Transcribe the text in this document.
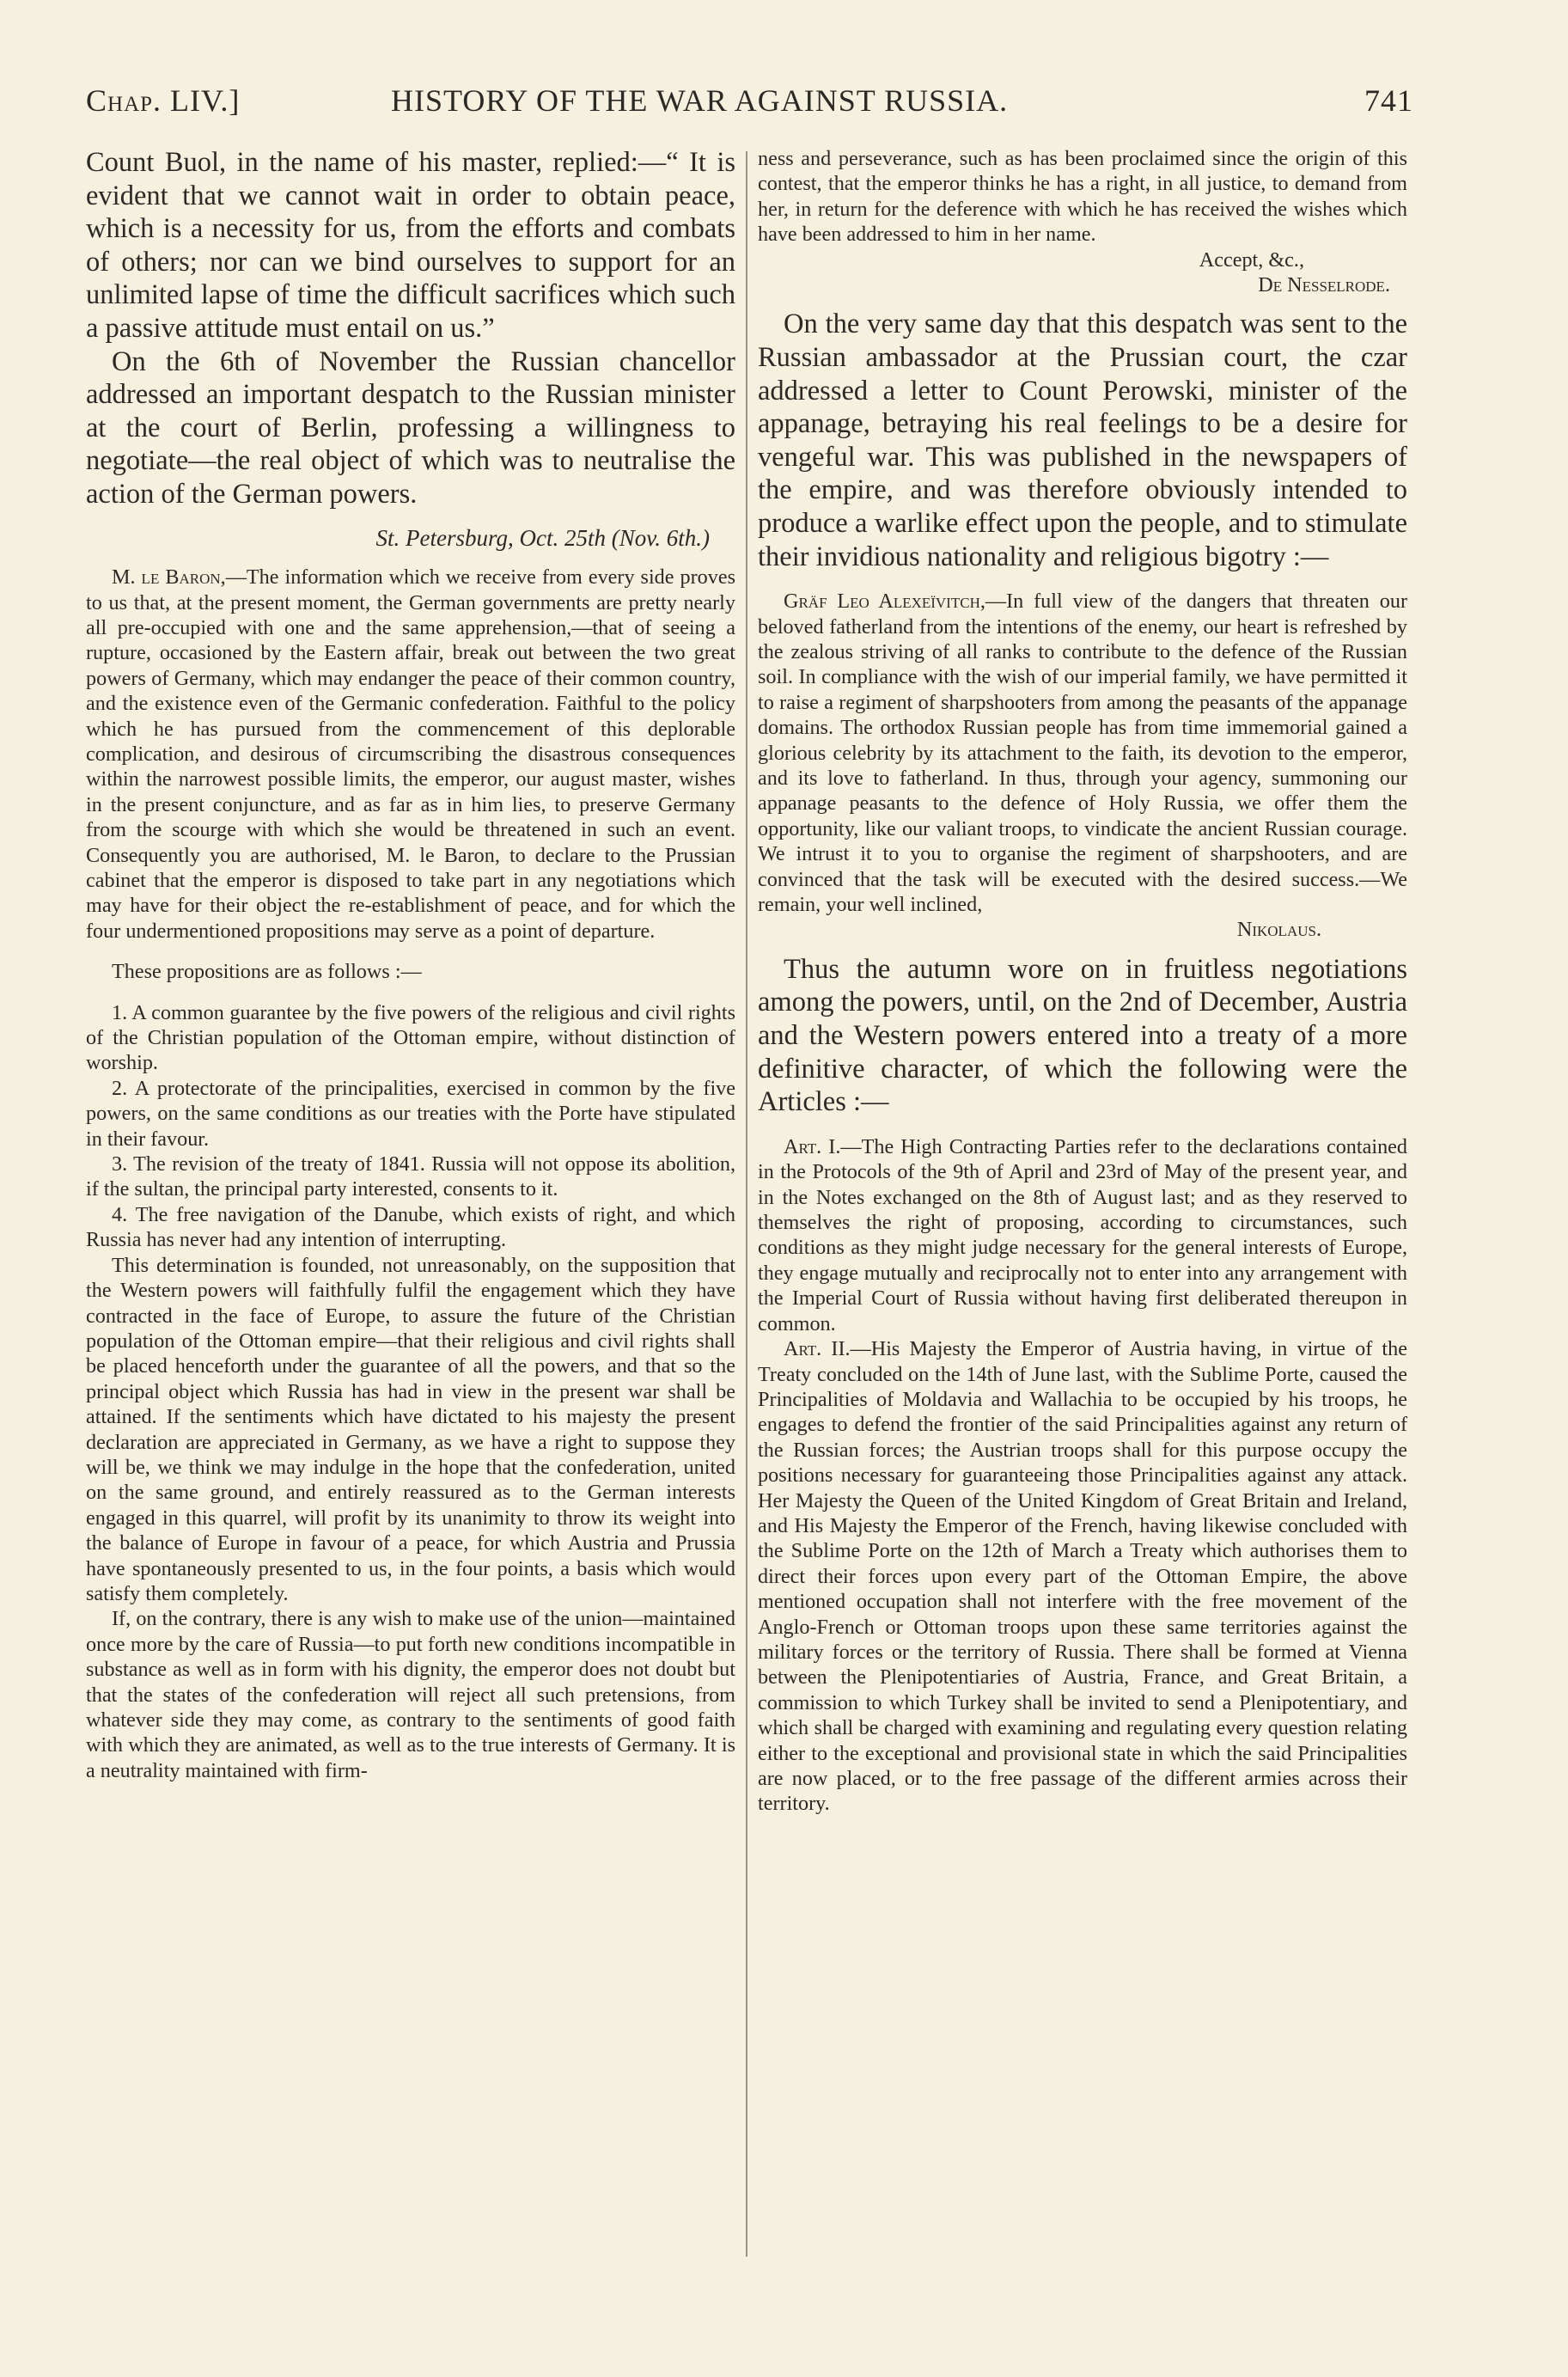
Chap. LIV.]	HISTORY OF THE WAR AGAINST RUSSIA.	741

Count Buol, in the name of his master, replied:—“ It is evident that we cannot wait in order to obtain peace, which is a necessity for us, from the efforts and combats of others; nor can we bind ourselves to support for an unlimited lapse of time the difficult sacrifices which such a passive attitude must entail on us.”

On the 6th of November the Russian chancellor addressed an important despatch to the Russian minister at the court of Berlin, professing a willingness to negotiate—the real object of which was to neutralise the action of the German powers.

St. Petersburg, Oct. 25th (Nov. 6th.)

M. le Baron,—The information which we receive from every side proves to us that, at the present moment, the German governments are pretty nearly all pre-occupied with one and the same apprehension,—that of seeing a rupture, occasioned by the Eastern affair, break out between the two great powers of Germany, which may endanger the peace of their common country, and the existence even of the Germanic confederation. Faithful to the policy which he has pursued from the commencement of this deplorable complication, and desirous of circumscribing the disastrous consequences within the narrowest possible limits, the emperor, our august master, wishes in the present conjuncture, and as far as in him lies, to preserve Germany from the scourge with which she would be threatened in such an event. Consequently you are authorised, M. le Baron, to declare to the Prussian cabinet that the emperor is disposed to take part in any negotiations which may have for their object the re-establishment of peace, and for which the four undermentioned propositions may serve as a point of departure.

These propositions are as follows :—

1. A common guarantee by the five powers of the religious and civil rights of the Christian population of the Ottoman empire, without distinction of worship.

2. A protectorate of the principalities, exercised in common by the five powers, on the same conditions as our treaties with the Porte have stipulated in their favour.

3. The revision of the treaty of 1841. Russia will not oppose its abolition, if the sultan, the principal party interested, consents to it.

4. The free navigation of the Danube, which exists of right, and which Russia has never had any intention of interrupting.

This determination is founded, not unreasonably, on the supposition that the Western powers will faithfully fulfil the engagement which they have contracted in the face of Europe, to assure the future of the Christian population of the Ottoman empire—that their religious and civil rights shall be placed henceforth under the guarantee of all the powers, and that so the principal object which Russia has had in view in the present war shall be attained. If the sentiments which have dictated to his majesty the present declaration are appreciated in Germany, as we have a right to suppose they will be, we think we may indulge in the hope that the confederation, united on the same ground, and entirely reassured as to the German interests engaged in this quarrel, will profit by its unanimity to throw its weight into the balance of Europe in favour of a peace, for which Austria and Prussia have spontaneously presented to us, in the four points, a basis which would satisfy them completely.

If, on the contrary, there is any wish to make use of the union—maintained once more by the care of Russia—to put forth new conditions incompatible in substance as well as in form with his dignity, the emperor does not doubt but that the states of the confederation will reject all such pretensions, from whatever side they may come, as contrary to the sentiments of good faith with which they are animated, as well as to the true interests of Germany. It is a neutrality maintained with firm-

ness and perseverance, such as has been proclaimed since the origin of this contest, that the emperor thinks he has a right, in all justice, to demand from her, in return for the deference with which he has received the wishes which have been addressed to him in her name.

Accept, &c.,

De Nesselrode.

On the very same day that this despatch was sent to the Russian ambassador at the Prussian court, the czar addressed a letter to Count Perowski, minister of the appanage, betraying his real feelings to be a desire for vengeful war. This was published in the newspapers of the empire, and was therefore obviously intended to produce a warlike effect upon the people, and to stimulate their invidious nationality and religious bigotry :—

Gräf Leo Alexeïvitch,—In full view of the dangers that threaten our beloved fatherland from the intentions of the enemy, our heart is refreshed by the zealous striving of all ranks to contribute to the defence of the Russian soil. In compliance with the wish of our imperial family, we have permitted it to raise a regiment of sharpshooters from among the peasants of the appanage domains. The orthodox Russian people has from time immemorial gained a glorious celebrity by its attachment to the faith, its devotion to the emperor, and its love to fatherland. In thus, through your agency, summoning our appanage peasants to the defence of Holy Russia, we offer them the opportunity, like our valiant troops, to vindicate the ancient Russian courage. We intrust it to you to organise the regiment of sharpshooters, and are convinced that the task will be executed with the desired success.—We remain, your well inclined,

Nikolaus.

Thus the autumn wore on in fruitless negotiations among the powers, until, on the 2nd of December, Austria and the Western powers entered into a treaty of a more definitive character, of which the following were the Articles :—

Art. I.—The High Contracting Parties refer to the declarations contained in the Protocols of the 9th of April and 23rd of May of the present year, and in the Notes exchanged on the 8th of August last; and as they reserved to themselves the right of proposing, according to circumstances, such conditions as they might judge necessary for the general interests of Europe, they engage mutually and reciprocally not to enter into any arrangement with the Imperial Court of Russia without having first deliberated thereupon in common.

Art. II.—His Majesty the Emperor of Austria having, in virtue of the Treaty concluded on the 14th of June last, with the Sublime Porte, caused the Principalities of Moldavia and Wallachia to be occupied by his troops, he engages to defend the frontier of the said Principalities against any return of the Russian forces; the Austrian troops shall for this purpose occupy the positions necessary for guaranteeing those Principalities against any attack. Her Majesty the Queen of the United Kingdom of Great Britain and Ireland, and His Majesty the Emperor of the French, having likewise concluded with the Sublime Porte on the 12th of March a Treaty which authorises them to direct their forces upon every part of the Ottoman Empire, the above mentioned occupation shall not interfere with the free movement of the Anglo-French or Ottoman troops upon these same territories against the military forces or the territory of Russia. There shall be formed at Vienna between the Plenipotentiaries of Austria, France, and Great Britain, a commission to which Turkey shall be invited to send a Plenipotentiary, and which shall be charged with examining and regulating every question relating either to the exceptional and provisional state in which the said Principalities are now placed, or to the free passage of the different armies across their territory.
